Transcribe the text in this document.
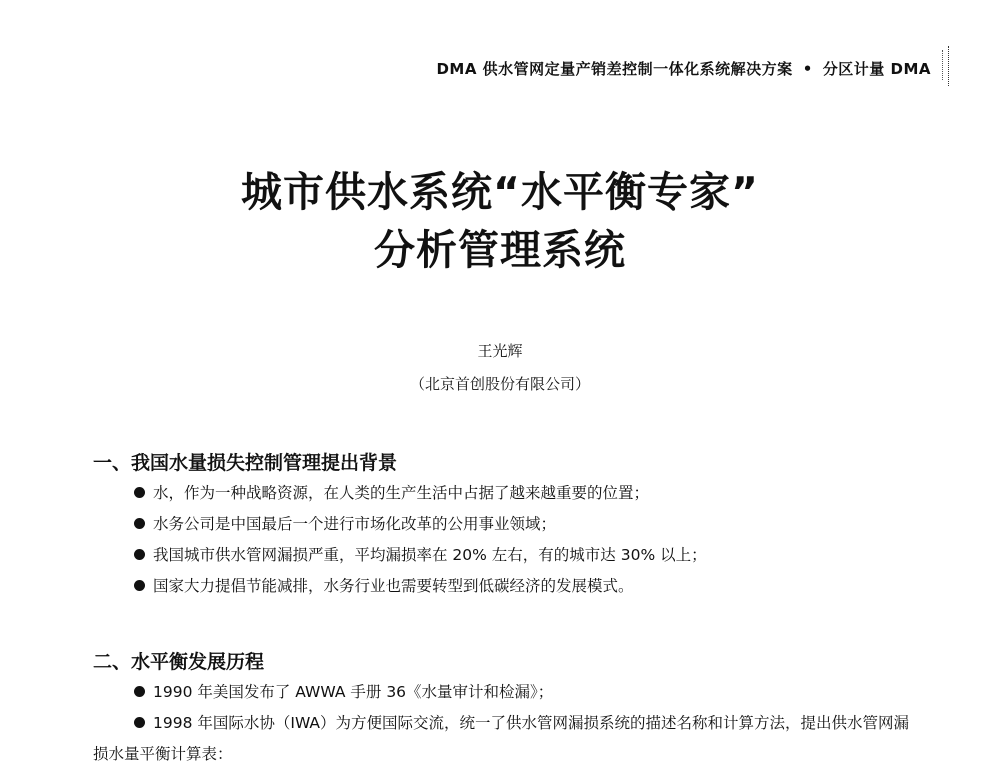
DMA 供水管网定量产销差控制一体化系统解决方案 • 分区计量 DMA
城市供水系统“水平衡专家”
分析管理系统
王光辉
（北京首创股份有限公司）
一、我国水量损失控制管理提出背景
水，作为一种战略资源，在人类的生产生活中占据了越来越重要的位置；
水务公司是中国最后一个进行市场化改革的公用事业领域；
我国城市供水管网漏损严重，平均漏损率在 20% 左右，有的城市达 30% 以上；
国家大力提倡节能减排，水务行业也需要转型到低碳经济的发展模式。
二、水平衡发展历程
1990 年美国发布了 AWWA 手册 36《水量审计和检漏》；
1998 年国际水协（IWA）为方便国际交流，统一了供水管网漏损系统的描述名称和计算方法，提出供水管网漏损水量平衡计算表：
